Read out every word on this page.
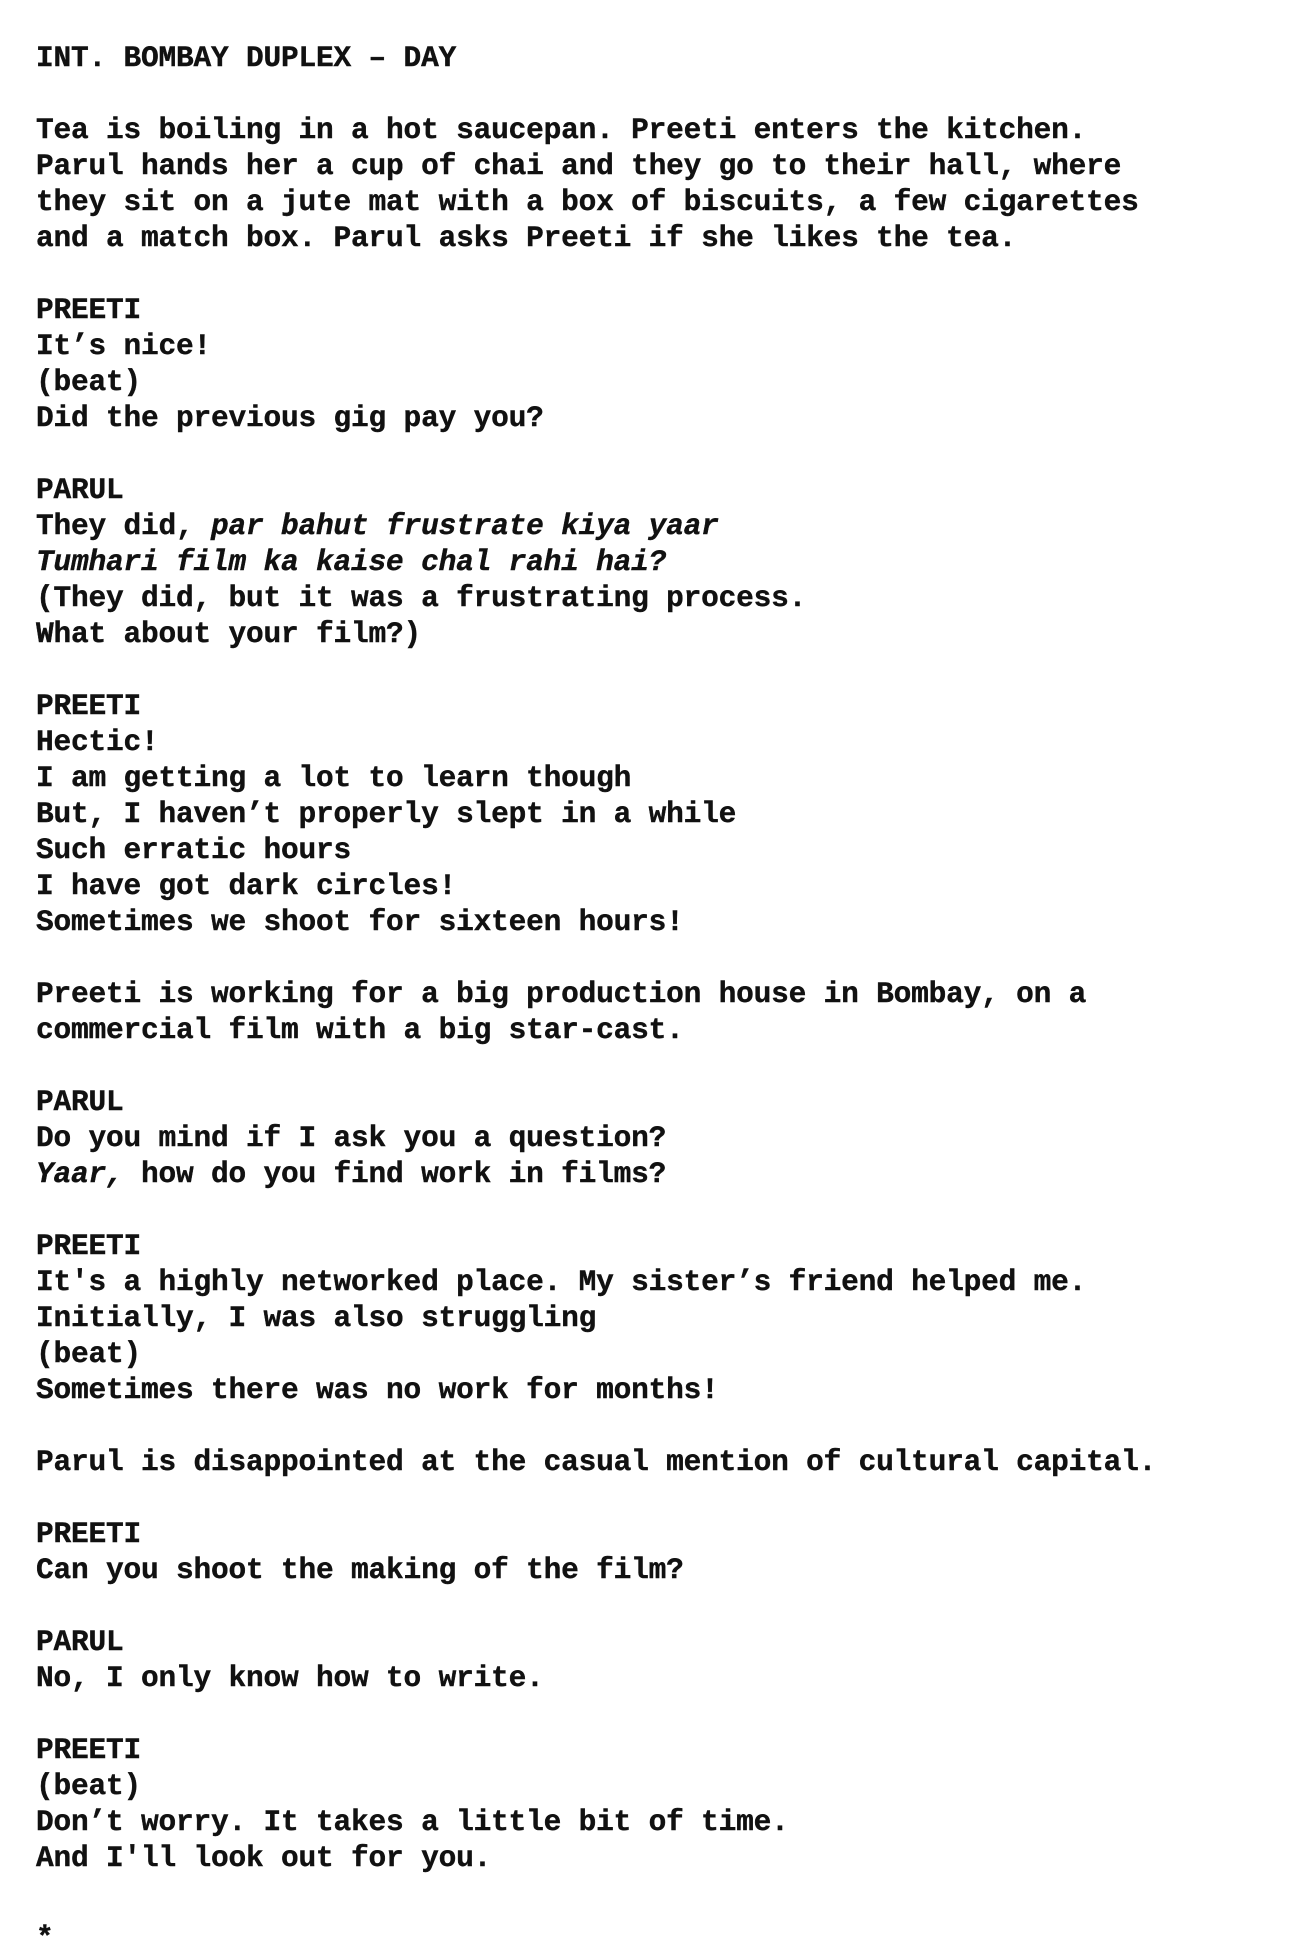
INT. BOMBAY DUPLEX – DAY
Tea is boiling in a hot saucepan. Preeti enters the kitchen.
Parul hands her a cup of chai and they go to their hall, where
they sit on a jute mat with a box of biscuits, a few cigarettes
and a match box. Parul asks Preeti if she likes the tea.
PREETI
It’s nice!
(beat)
Did the previous gig pay you?
PARUL
They did, par bahut frustrate kiya yaar
Tumhari film ka kaise chal rahi hai?
(They did, but it was a frustrating process.
What about your film?)
PREETI
Hectic!
I am getting a lot to learn though
But, I haven’t properly slept in a while
Such erratic hours
I have got dark circles!
Sometimes we shoot for sixteen hours!
Preeti is working for a big production house in Bombay, on a
commercial film with a big star-cast.
PARUL
Do you mind if I ask you a question?
Yaar, how do you find work in films?
PREETI
It's a highly networked place. My sister’s friend helped me.
Initially, I was also struggling
(beat)
Sometimes there was no work for months!
Parul is disappointed at the casual mention of cultural capital.
PREETI
Can you shoot the making of the film?
PARUL
No, I only know how to write.
PREETI
(beat)
Don’t worry. It takes a little bit of time.
And I'll look out for you.
*
